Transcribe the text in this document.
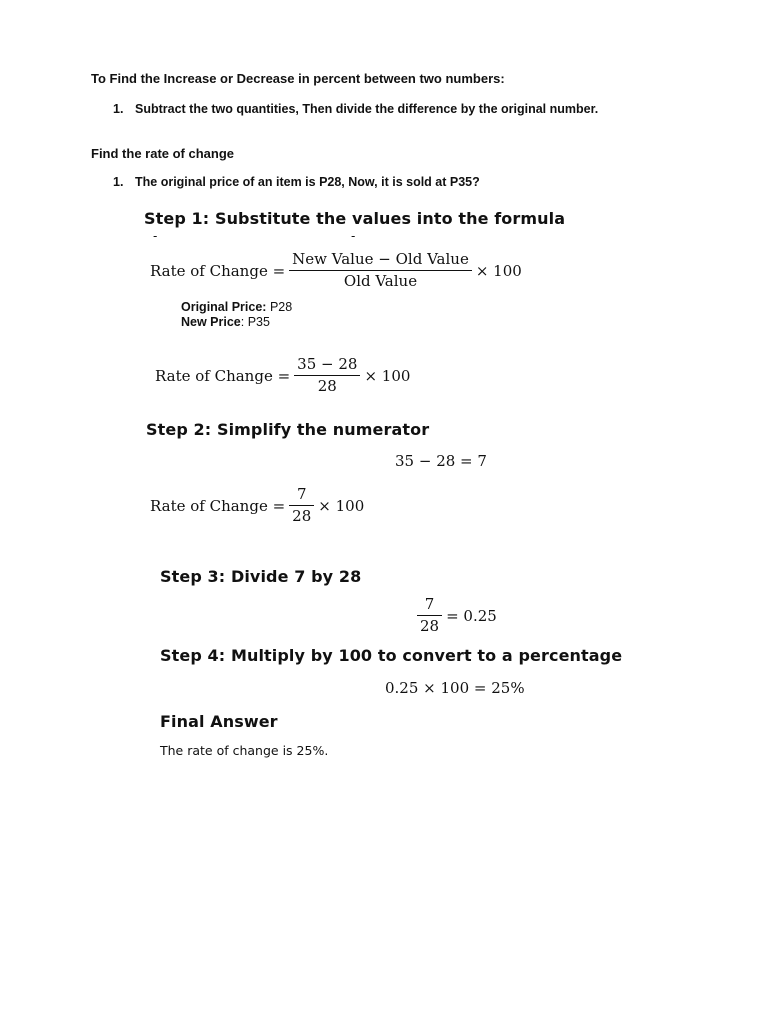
To Find the Increase or Decrease in percent between two numbers:
1. Subtract the two quantities, Then divide the difference by the original number.
Find the rate of change
1. The original price of an item is P28, Now, it is sold at P35?
Step 1: Substitute the values into the formula
-	-
Rate of Change = $\frac{\text{New Value − Old Value}}{\text{Old Value}} \times 100$
Original Price: P28
New Price: P35
Rate of Change = $\frac{35 - 28}{28} \times 100$
Step 2: Simplify the numerator
35 − 28 = 7
Rate of Change = $\frac{7}{28} \times 100$
Step 3: Divide 7 by 28
$\frac{7}{28} = 0.25$
Step 4: Multiply by 100 to convert to a percentage
0.25 × 100 = 25%
Final Answer
The rate of change is 25%.
